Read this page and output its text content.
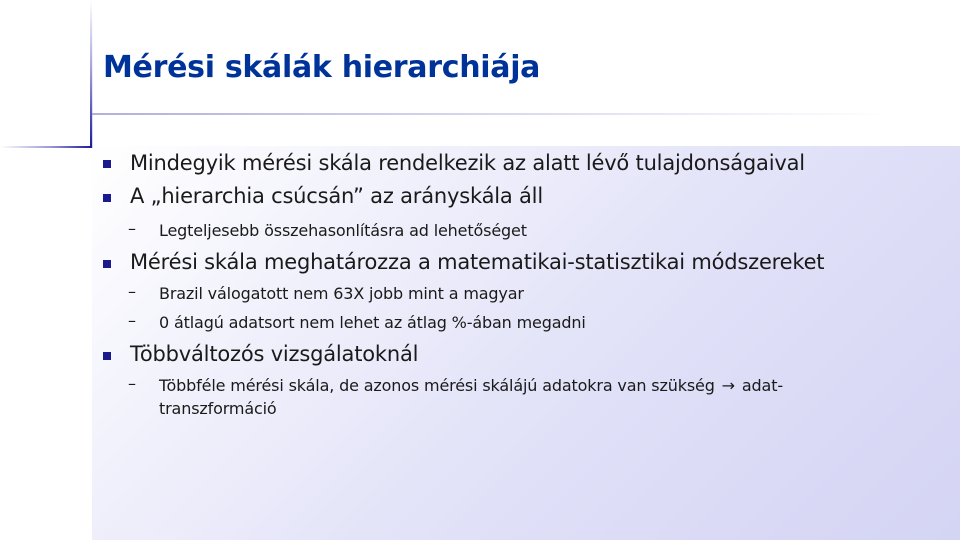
Mérési skálák hierarchiája
Mindegyik mérési skála rendelkezik az alatt lévő tulajdonságaival
A „hierarchia csúcsán” az arányskála áll
– Legteljesebb összehasonlításra ad lehetőséget
Mérési skála meghatározza a matematikai-statisztikai módszereket
– Brazil válogatott nem 63X jobb mint a magyar
– 0 átlagú adatsort nem lehet az átlag %-ában megadni
Többváltozós vizsgálatoknál
– Többféle mérési skála, de azonos mérési skálájú adatokra van szükség → adat-
transzformáció
